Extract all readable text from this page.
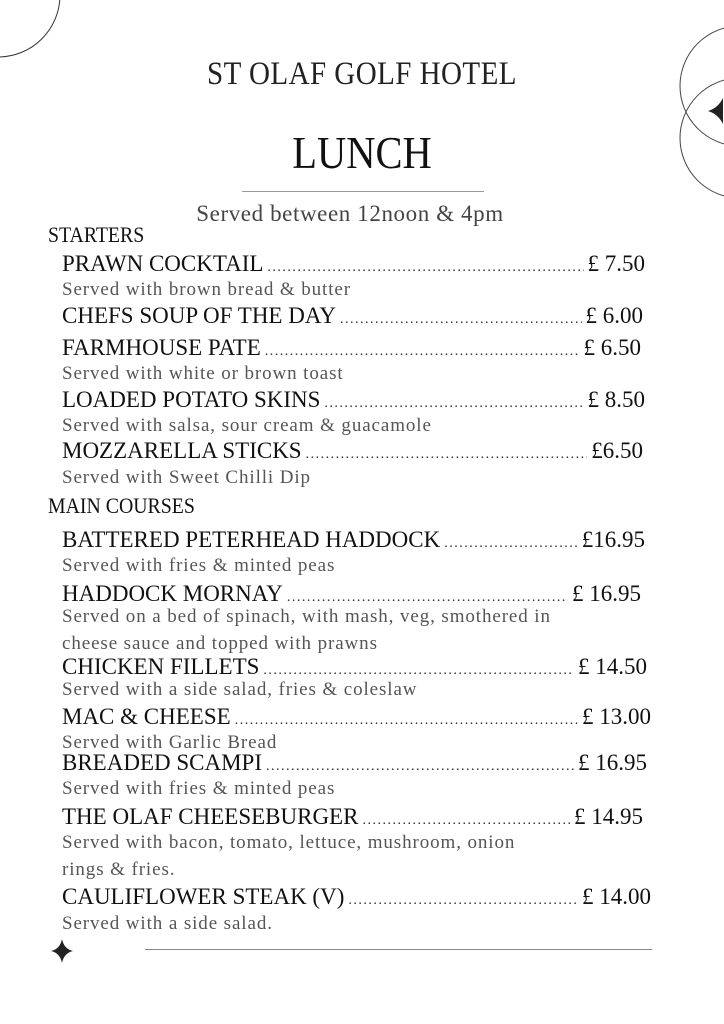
ST OLAF GOLF HOTEL
LUNCH
Served between 12noon & 4pm
STARTERS
PRAWN COCKTAIL .....	£ 7.50
Served with brown bread & butter
CHEFS SOUP OF THE DAY .....	£ 6.00
FARMHOUSE PATE .....	£ 6.50
Served with white or brown toast
LOADED POTATO SKINS .....	£ 8.50
Served with salsa, sour cream & guacamole
MOZZARELLA STICKS .....	£6.50
Served with Sweet Chilli Dip
MAIN COURSES
BATTERED PETERHEAD HADDOCK .....	£16.95
Served with fries & minted peas
HADDOCK MORNAY .....	£ 16.95
Served on a bed of spinach, with mash, veg, smothered in
cheese sauce and topped with prawns
CHICKEN FILLETS .....	£ 14.50
Served with a side salad, fries & coleslaw
MAC & CHEESE .....	£ 13.00
Served with Garlic Bread
BREADED SCAMPI .....	£ 16.95
Served with fries & minted peas
THE OLAF CHEESEBURGER .....	£ 14.95
Served with bacon, tomato, lettuce, mushroom, onion
rings & fries.
CAULIFLOWER STEAK (V) .....	£ 14.00
Served with a side salad.
